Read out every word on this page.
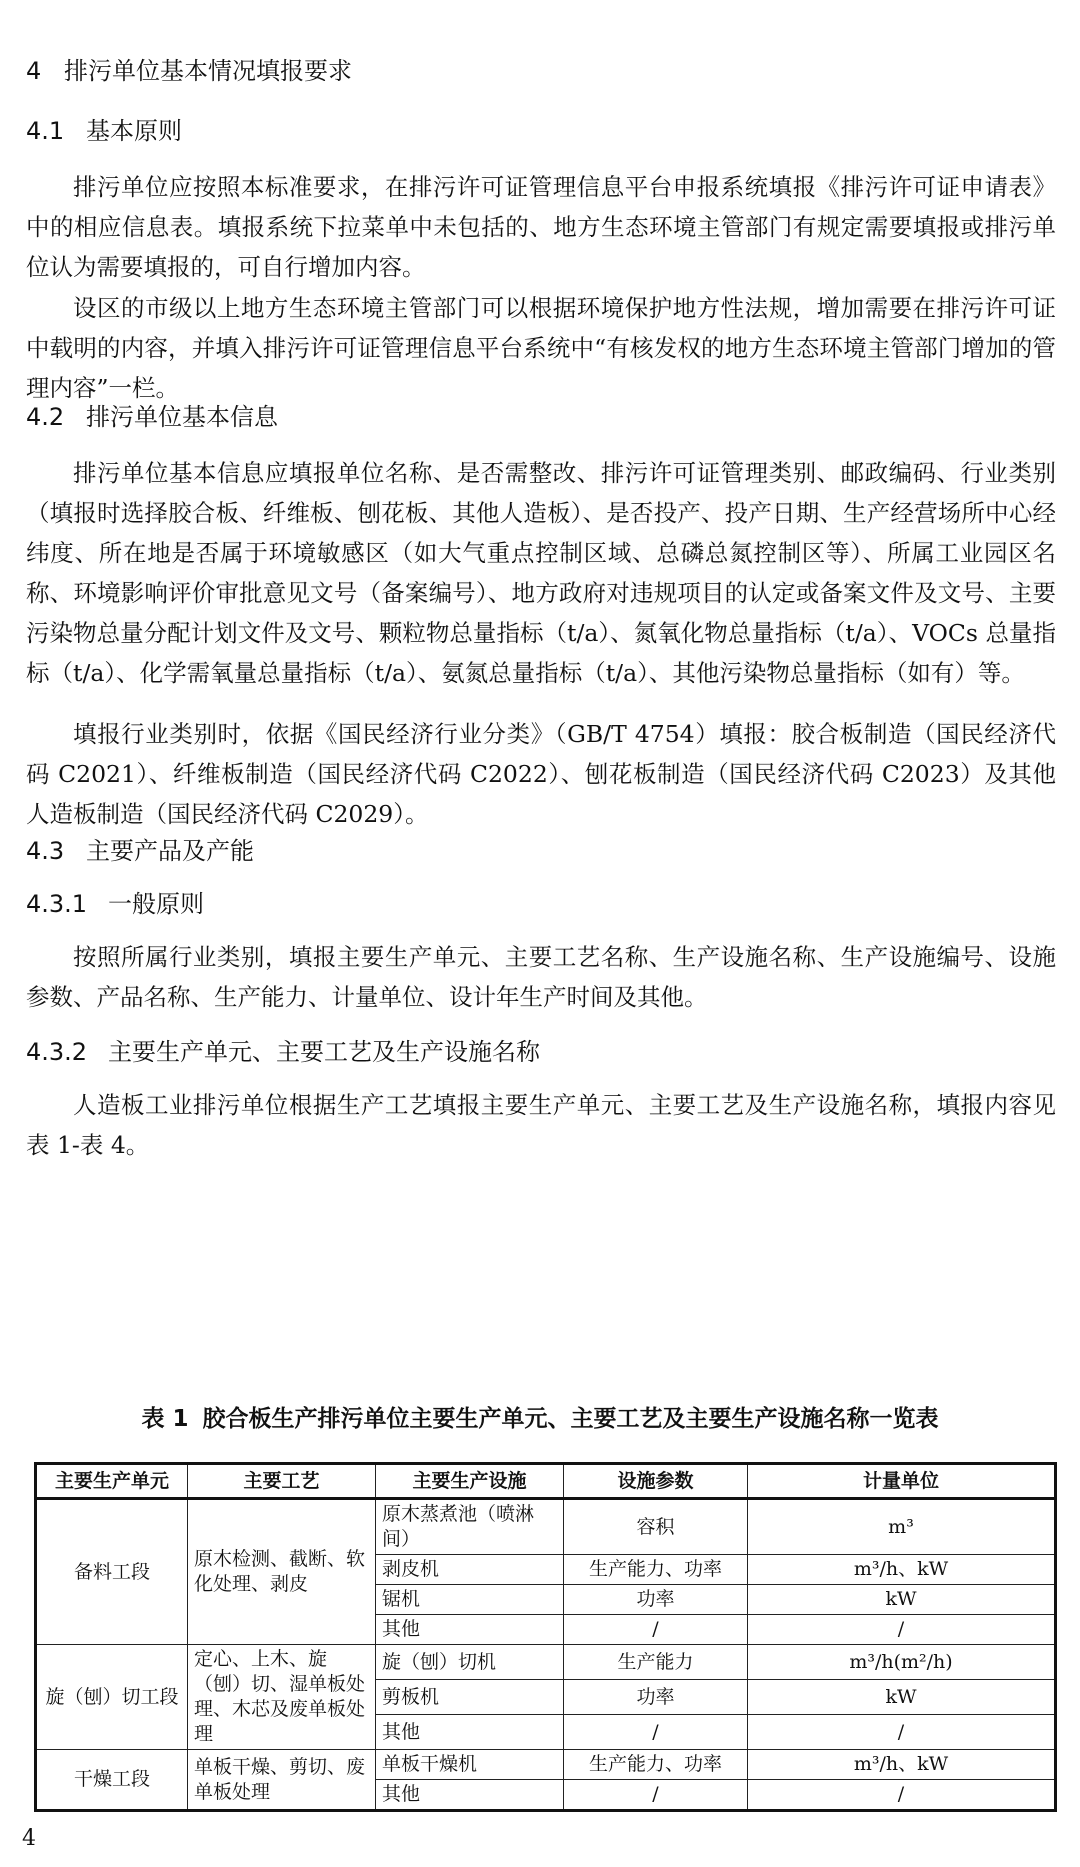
4 排污单位基本情况填报要求
4.1 基本原则

排污单位应按照本标准要求，在排污许可证管理信息平台申报系统填报《排污许可证申请表》中的相应信息表。填报系统下拉菜单中未包括的、地方生态环境主管部门有规定需要填报或排污单位认为需要填报的，可自行增加内容。

设区的市级以上地方生态环境主管部门可以根据环境保护地方性法规，增加需要在排污许可证中载明的内容，并填入排污许可证管理信息平台系统中“有核发权的地方生态环境主管部门增加的管理内容”一栏。

4.2 排污单位基本信息

排污单位基本信息应填报单位名称、是否需整改、排污许可证管理类别、邮政编码、行业类别（填报时选择胶合板、纤维板、刨花板、其他人造板）、是否投产、投产日期、生产经营场所中心经纬度、所在地是否属于环境敏感区（如大气重点控制区域、总磷总氮控制区等）、所属工业园区名称、环境影响评价审批意见文号（备案编号）、地方政府对违规项目的认定或备案文件及文号、主要污染物总量分配计划文件及文号、颗粒物总量指标（t/a）、氮氧化物总量指标（t/a）、VOCs 总量指标（t/a）、化学需氧量总量指标（t/a）、氨氮总量指标（t/a）、其他污染物总量指标（如有）等。

填报行业类别时，依据《国民经济行业分类》（GB/T 4754）填报：胶合板制造（国民经济代码 C2021）、纤维板制造（国民经济代码 C2022）、刨花板制造（国民经济代码 C2023）及其他人造板制造（国民经济代码 C2029）。

4.3 主要产品及产能
4.3.1 一般原则

按照所属行业类别，填报主要生产单元、主要工艺名称、生产设施名称、生产设施编号、设施参数、产品名称、生产能力、计量单位、设计年生产时间及其他。

4.3.2 主要生产单元、主要工艺及生产设施名称

人造板工业排污单位根据生产工艺填报主要生产单元、主要工艺及生产设施名称，填报内容见表 1-表 4。

表 1 胶合板生产排污单位主要生产单元、主要工艺及主要生产设施名称一览表

主要生产单元	主要工艺	主要生产设施	设施参数	计量单位
备料工段	原木检测、截断、软化处理、剥皮	原木蒸煮池（喷淋间）	容积	m³
		剥皮机	生产能力、功率	m³/h、kW
		锯机	功率	kW
		其他	/	/
旋（刨）切工段	定心、上木、旋（刨）切、湿单板处理、木芯及废单板处理	旋（刨）切机	生产能力	m³/h(m²/h)
		剪板机	功率	kW
		其他	/	/
干燥工段	单板干燥、剪切、废单板处理	单板干燥机	生产能力、功率	m³/h、kW
		其他	/	/

4
